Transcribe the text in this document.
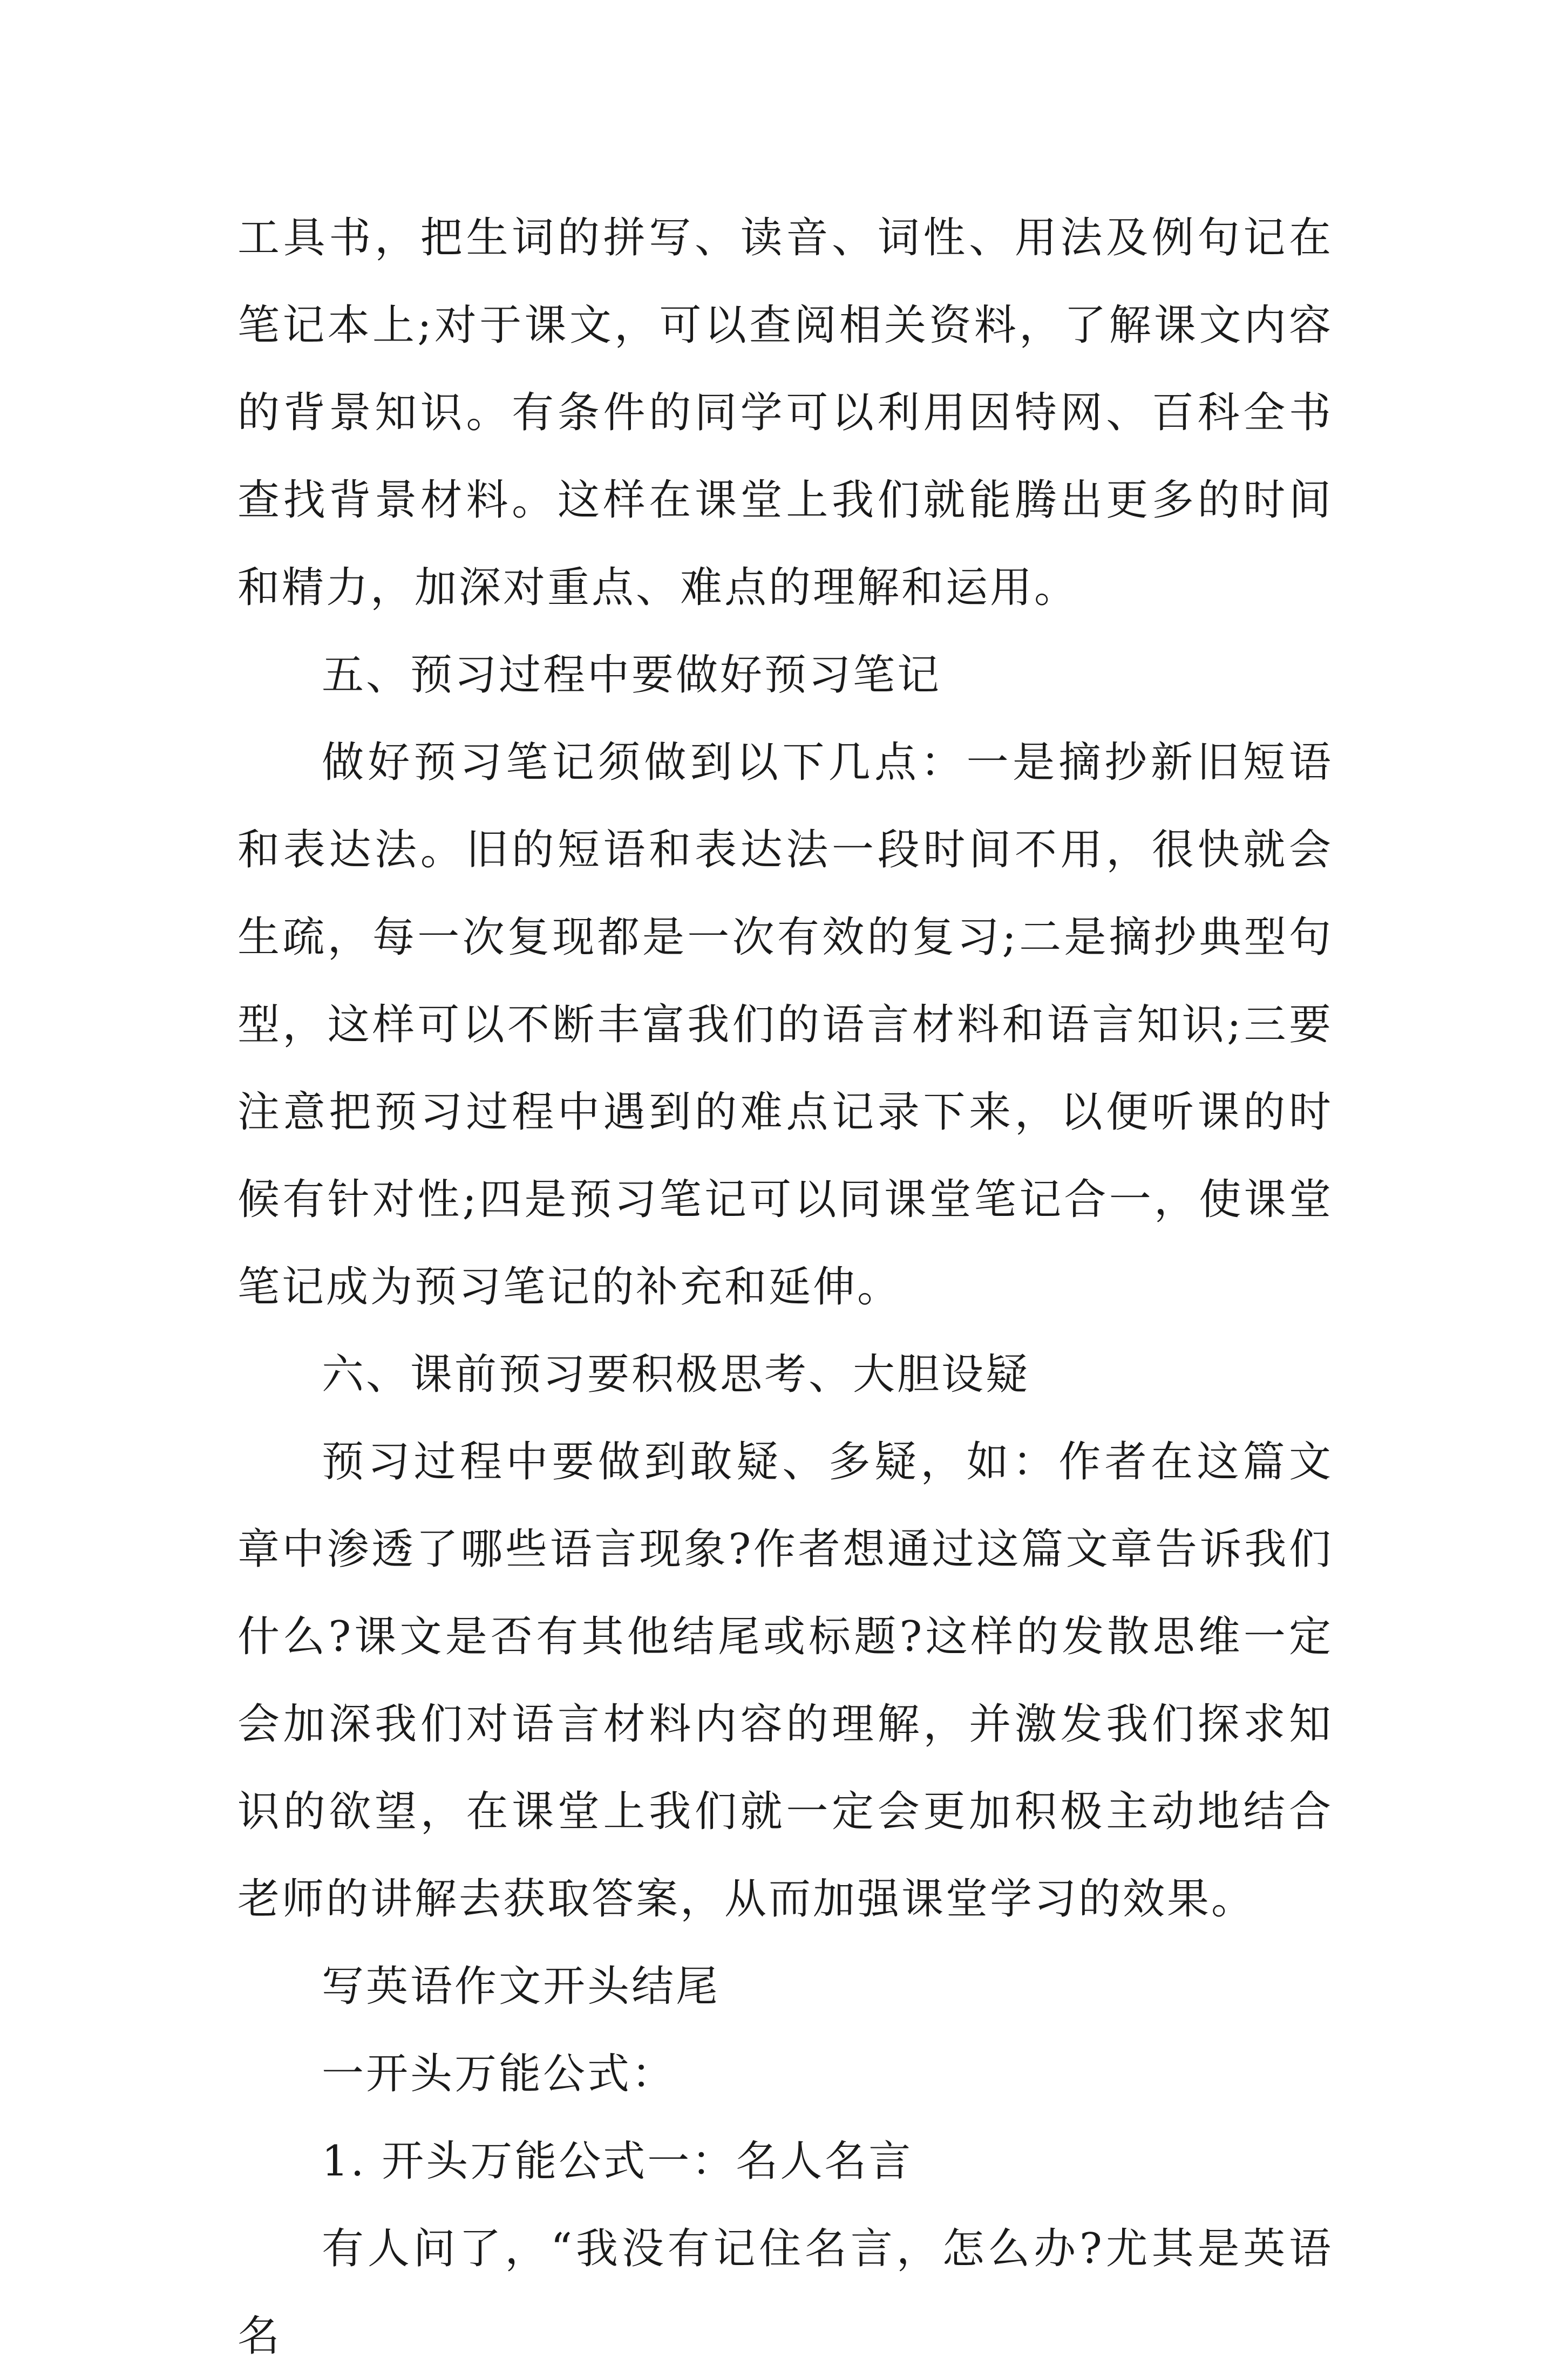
工具书，把生词的拼写、读音、词性、用法及例句记在笔记本上;对于课文，可以查阅相关资料，了解课文内容的背景知识。有条件的同学可以利用因特网、百科全书查找背景材料。这样在课堂上我们就能腾出更多的时间和精力，加深对重点、难点的理解和运用。

五、预习过程中要做好预习笔记

做好预习笔记须做到以下几点：一是摘抄新旧短语和表达法。旧的短语和表达法一段时间不用，很快就会生疏，每一次复现都是一次有效的复习;二是摘抄典型句型，这样可以不断丰富我们的语言材料和语言知识;三要注意把预习过程中遇到的难点记录下来，以便听课的时候有针对性;四是预习笔记可以同课堂笔记合一，使课堂笔记成为预习笔记的补充和延伸。

六、课前预习要积极思考、大胆设疑

预习过程中要做到敢疑、多疑，如：作者在这篇文章中渗透了哪些语言现象?作者想通过这篇文章告诉我们什么?课文是否有其他结尾或标题?这样的发散思维一定会加深我们对语言材料内容的理解，并激发我们探求知识的欲望，在课堂上我们就一定会更加积极主动地结合老师的讲解去获取答案，从而加强课堂学习的效果。

写英语作文开头结尾

一开头万能公式：

1. 开头万能公式一：名人名言

有人问了，“我没有记住名言，怎么办?尤其是英语名
